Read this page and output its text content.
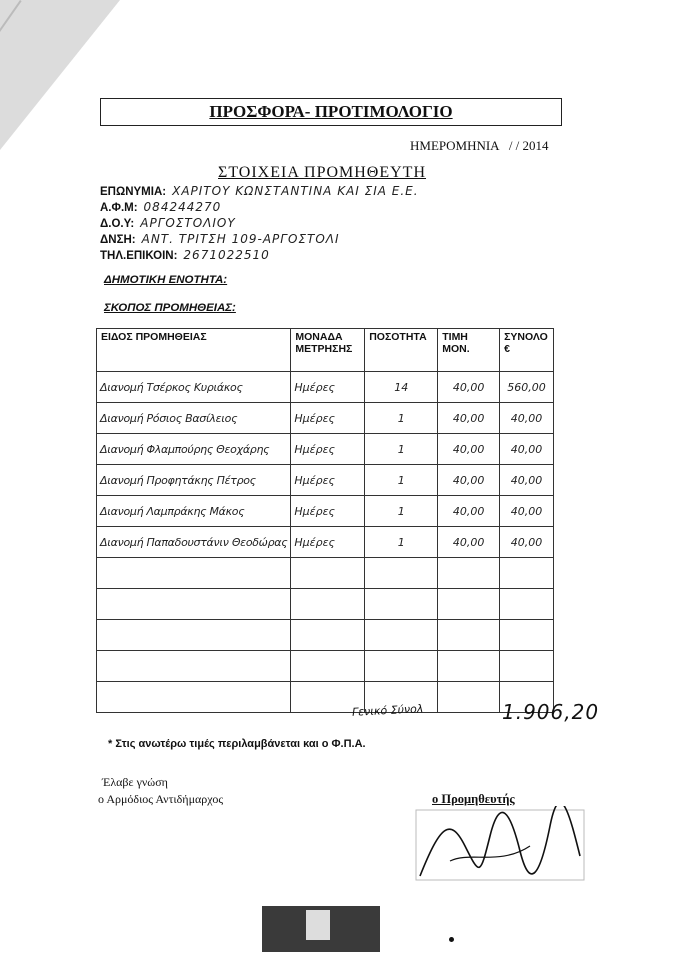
ΠΡΟΣΦΟΡΑ- ΠΡΟΤΙΜΟΛΟΓΙΟ
ΗΜΕΡΟΜΗΝΙΑ / / 2014
ΣΤΟΙΧΕΙΑ ΠΡΟΜΗΘΕΥΤΗ
ΕΠΩΝΥΜΙΑ: ΧΑΡΙΤΟΥ ΚΩΝΣΤΑΝΤΙΝΑ ΚΑΙ ΣΙΑ Ε.Ε.
Α.Φ.Μ: 084244270
Δ.Ο.Υ: ΑΡΓΟΣΤΟΛΙΟΥ
ΔΝΣΗ: ΑΝΤ. ΤΡΙΤΣΗ 109-ΑΡΓΟΣΤΟΛΙ
ΤΗΛ.ΕΠΙΚΟΙΝ: 2671022510
ΔΗΜΟΤΙΚΗ ΕΝΟΤΗΤΑ:
ΣΚΟΠΟΣ ΠΡΟΜΗΘΕΙΑΣ:
ΕΙΔΟΣ ΠΡΟΜΗΘΕΙΑΣ	ΜΟΝΑΔΑ ΜΕΤΡΗΣΗΣ	ΠΟΣΟΤΗΤΑ	ΤΙΜΗ ΜΟΝ.	ΣΥΝΟΛΟ €
Διανομή Τσέρκος Κυριάκος	Ημέρες	14	40,00	560,00
Διανομή Ρόσιος Βασίλειος	Ημέρες	1	40,00	40,00
Διανομή Φλαμπούρης Θεοχάρης	Ημέρες	1	40,00	40,00
Διανομή Προφητάκης Πέτρος	Ημέρες	1	40,00	40,00
Διανομή Λαμπράκης Μάκος	Ημέρες	1	40,00	40,00
Διανομή Παπαδουστάνιν Θεοδώρας	Ημέρες	1	40,00	40,00

Γενικό Σύνολ	1.906,20
* Στις ανωτέρω τιμές περιλαμβάνεται και ο Φ.Π.Α.
Έλαβε γνώση
ο Αρμόδιος Αντιδήμαρχος	ο Προμηθευτής
